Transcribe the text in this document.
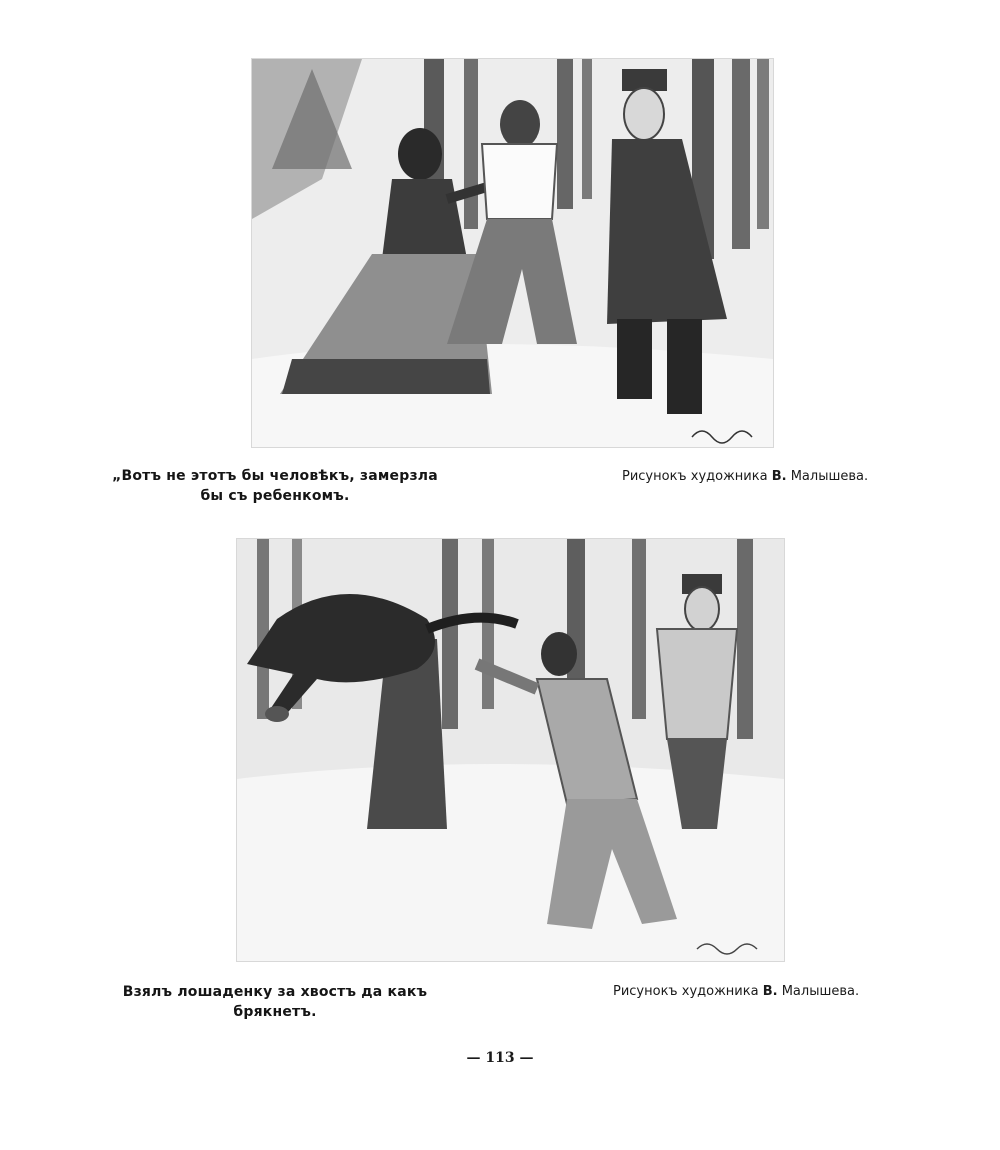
„Вотъ не этотъ бы человѣкъ, замерзла
бы съ ребенкомъ.
Рисунокъ художника В. Малышева.
Взялъ лошаденку за хвостъ да какъ
брякнетъ.
Рисунокъ художника В. Малышева.
— 113 —
